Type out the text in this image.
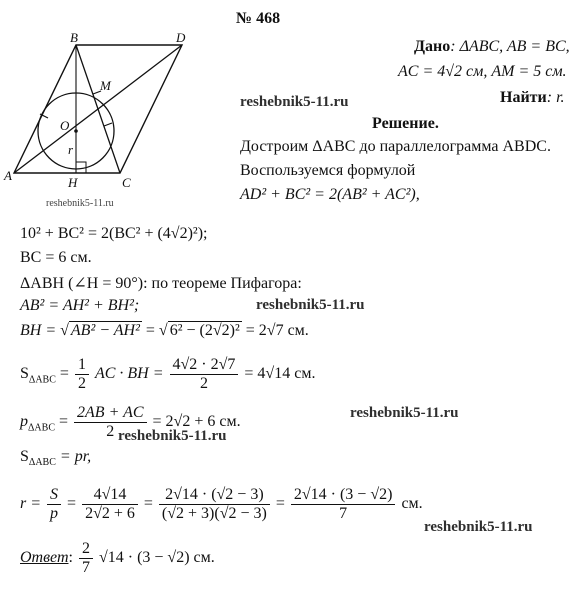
№ 468
B	D
M
O
r
A	H	C
Дано: ΔABC, AB = BC,
AC = 4√2 см, AM = 5 см.
Найти: r.
reshebnik5-11.ru
reshebnik5-11.ru
reshebnik5-11.ru
reshebnik5-11.ru
reshebnik5-11.ru
reshebnik5-11.ru
Решение.
Достроим ΔABC до параллелограмма ABDC.
Воспользуемся формулой
AD² + BC² = 2(AB² + AC²),
10² + BC² = 2(BC² + (4√2)²);
BC = 6 см.
ΔABH (∠H = 90°): по теореме Пифагора:
AB² = AH² + BH²;
BH = √ AB² − AH² = √ 6² − (2√2)² = 2√7 см.
$S_{\Delta ABC} = \frac{1}{2}$ AC · BH = $\frac{4√2 \cdot 2√7}{2} = 4√14$ см.
$p_{\Delta ABC} = \frac{2AB + AC}{2} = 2√2 + 6$ см.
$S_{\Delta ABC}$ = pr,
$r = \frac{S}{p} = \frac{4√14}{2√2 + 6} = \frac{2√14 \cdot (√2 - 3)}{(√2 + 3)(√2 - 3)} = \frac{2√14 \cdot (3 - √2)}{7}$ см.
Ответ: $\frac{2}{7} √14 \cdot (3 - √2)$ см.
